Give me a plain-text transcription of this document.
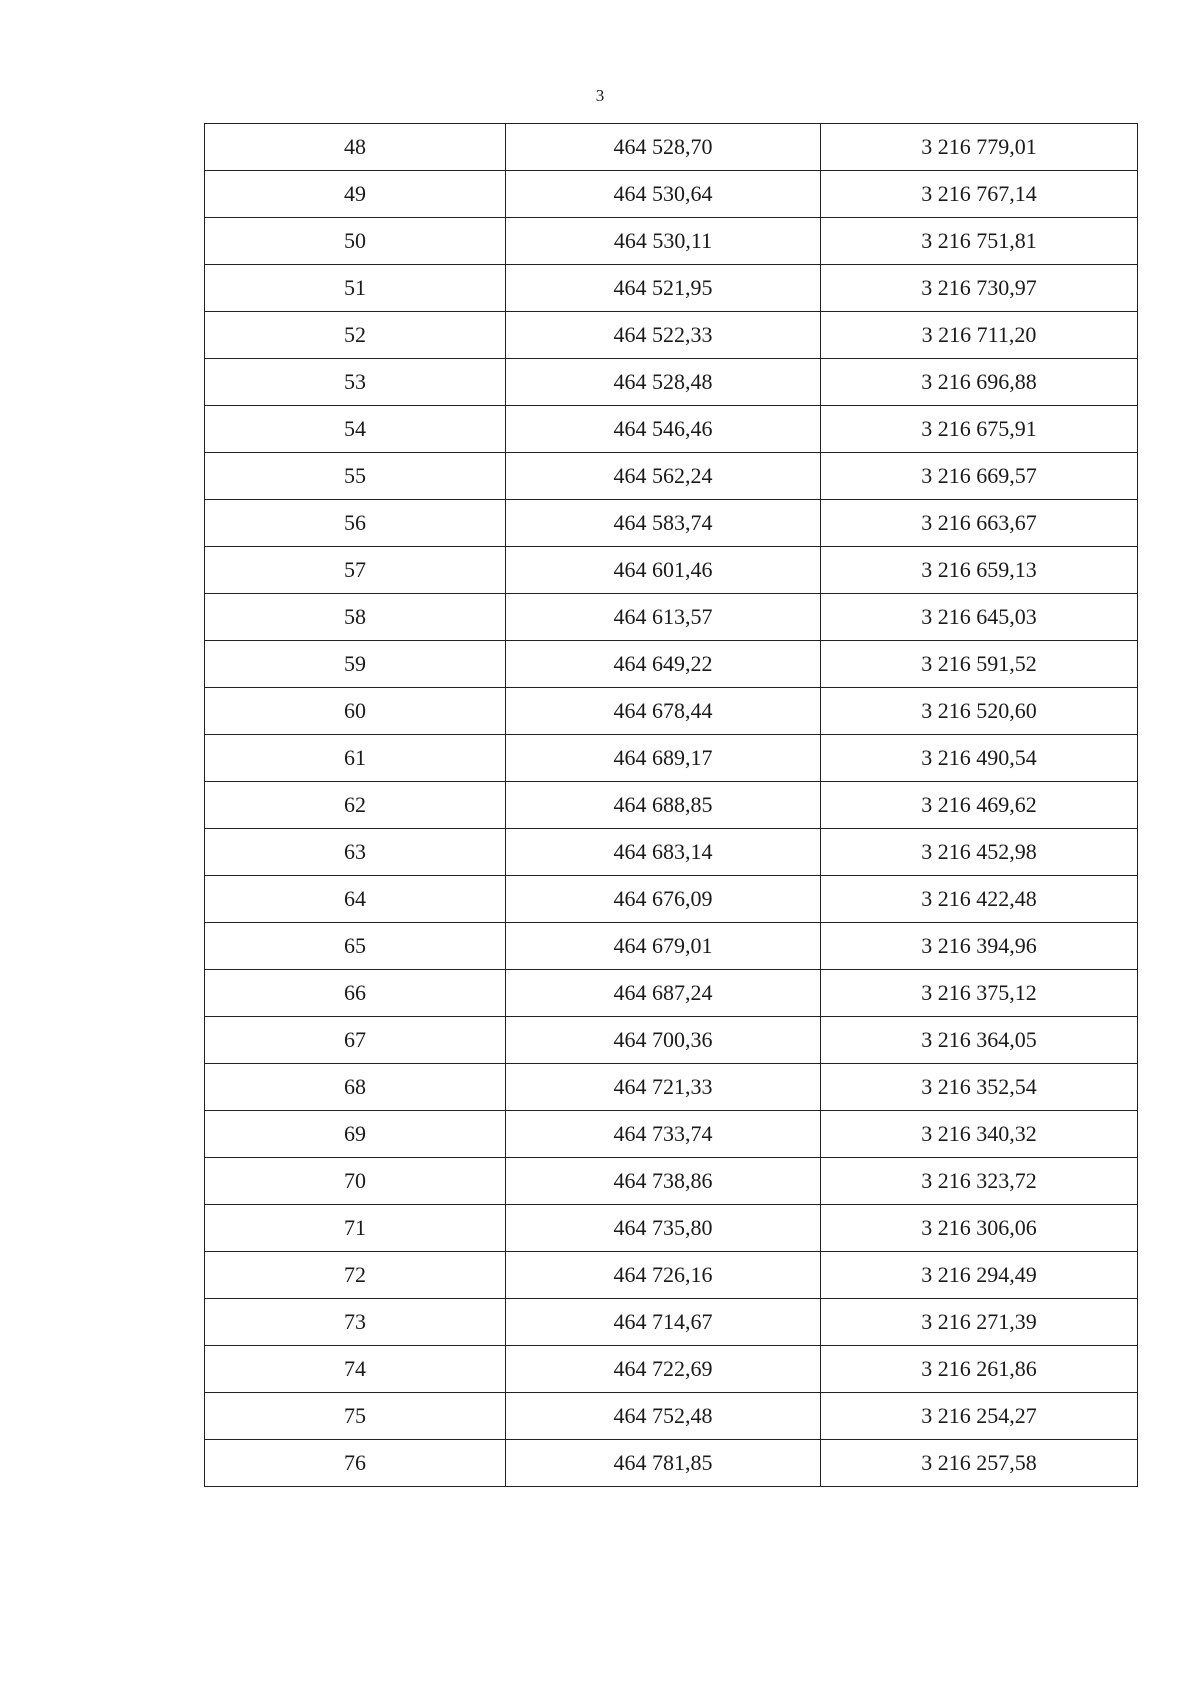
3
48	464 528,70	3 216 779,01
49	464 530,64	3 216 767,14
50	464 530,11	3 216 751,81
51	464 521,95	3 216 730,97
52	464 522,33	3 216 711,20
53	464 528,48	3 216 696,88
54	464 546,46	3 216 675,91
55	464 562,24	3 216 669,57
56	464 583,74	3 216 663,67
57	464 601,46	3 216 659,13
58	464 613,57	3 216 645,03
59	464 649,22	3 216 591,52
60	464 678,44	3 216 520,60
61	464 689,17	3 216 490,54
62	464 688,85	3 216 469,62
63	464 683,14	3 216 452,98
64	464 676,09	3 216 422,48
65	464 679,01	3 216 394,96
66	464 687,24	3 216 375,12
67	464 700,36	3 216 364,05
68	464 721,33	3 216 352,54
69	464 733,74	3 216 340,32
70	464 738,86	3 216 323,72
71	464 735,80	3 216 306,06
72	464 726,16	3 216 294,49
73	464 714,67	3 216 271,39
74	464 722,69	3 216 261,86
75	464 752,48	3 216 254,27
76	464 781,85	3 216 257,58
